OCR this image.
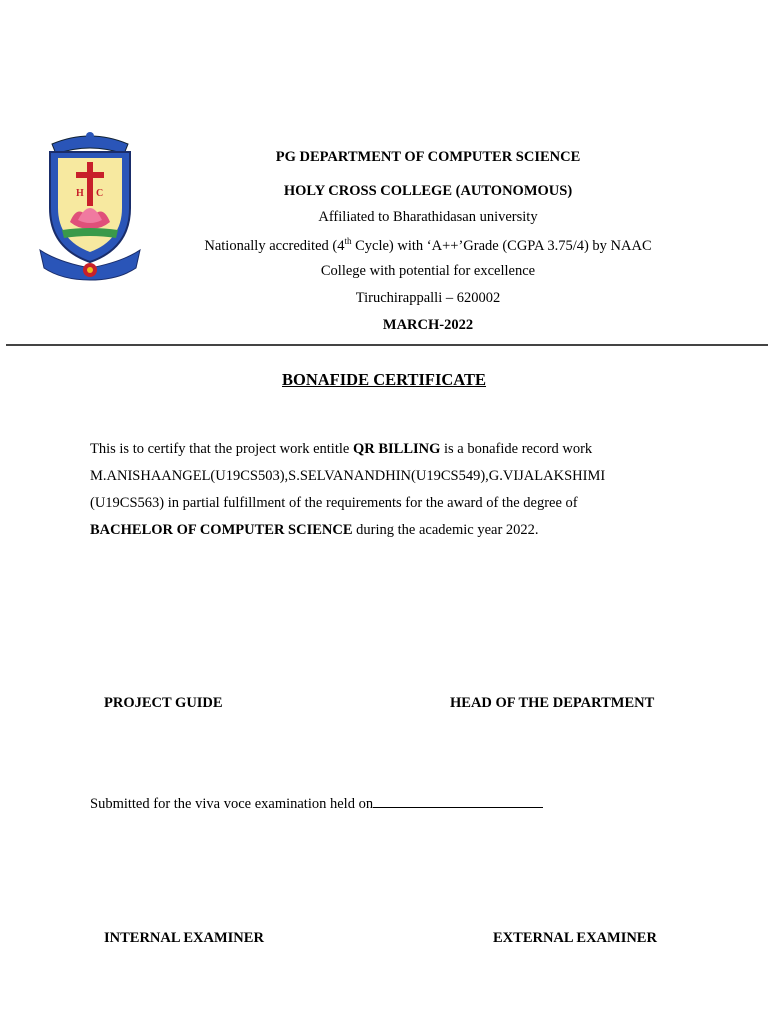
H C
PG DEPARTMENT OF COMPUTER SCIENCE
HOLY CROSS COLLEGE (AUTONOMOUS)
Affiliated to Bharathidasan university
Nationally accredited (4th Cycle) with ‘A++’Grade (CGPA 3.75/4) by NAAC
College with potential for excellence
Tiruchirappalli – 620002
MARCH-2022
BONAFIDE CERTIFICATE
This is to certify that the project work entitle QR BILLING is a bonafide record work
M.ANISHAANGEL(U19CS503),S.SELVANANDHIN(U19CS549),G.VIJALAKSHIMI
(U19CS563) in partial fulfillment of the requirements for the award of the degree of
BACHELOR OF COMPUTER SCIENCE during the academic year 2022.
PROJECT GUIDE	HEAD OF THE DEPARTMENT
Submitted for the viva voce examination held on
INTERNAL EXAMINER	EXTERNAL EXAMINER
